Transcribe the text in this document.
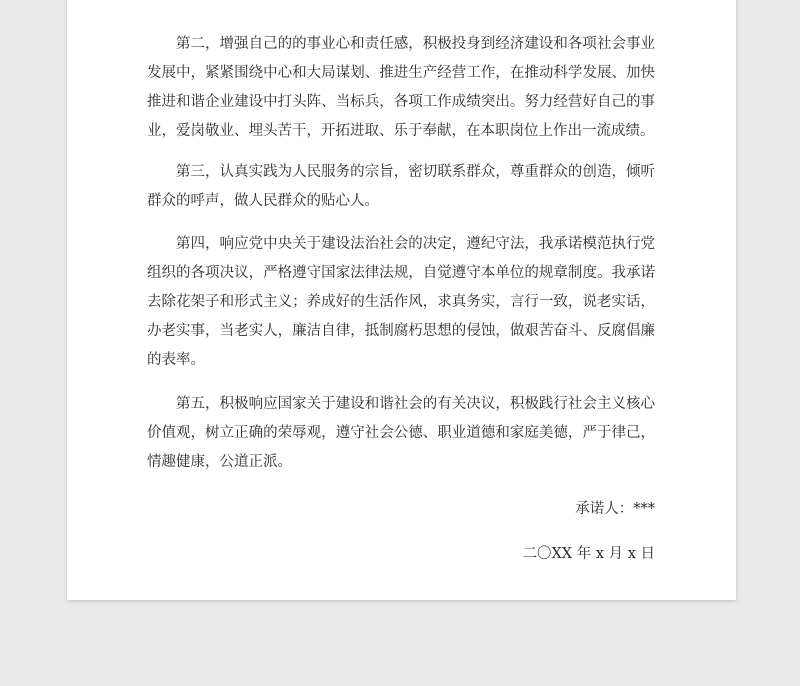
第二，增强自己的的事业心和责任感，积极投身到经济建设和各项社会事业发展中，紧紧围绕中心和大局谋划、推进生产经营工作，在推动科学发展、加快推进和谐企业建设中打头阵、当标兵，各项工作成绩突出。努力经营好自己的事业，爱岗敬业、埋头苦干，开拓进取、乐于奉献，在本职岗位上作出一流成绩。

第三，认真实践为人民服务的宗旨，密切联系群众，尊重群众的创造，倾听群众的呼声，做人民群众的贴心人。

第四，响应党中央关于建设法治社会的决定，遵纪守法，我承诺模范执行党组织的各项决议，严格遵守国家法律法规，自觉遵守本单位的规章制度。我承诺去除花架子和形式主义；养成好的生活作风，求真务实，言行一致，说老实话，办老实事，当老实人，廉洁自律，抵制腐朽思想的侵蚀，做艰苦奋斗、反腐倡廉的表率。

第五，积极响应国家关于建设和谐社会的有关决议，积极践行社会主义核心价值观，树立正确的荣辱观，遵守社会公德、职业道德和家庭美德，严于律己，情趣健康，公道正派。

承诺人：***
二〇XX 年 x 月 x 日
